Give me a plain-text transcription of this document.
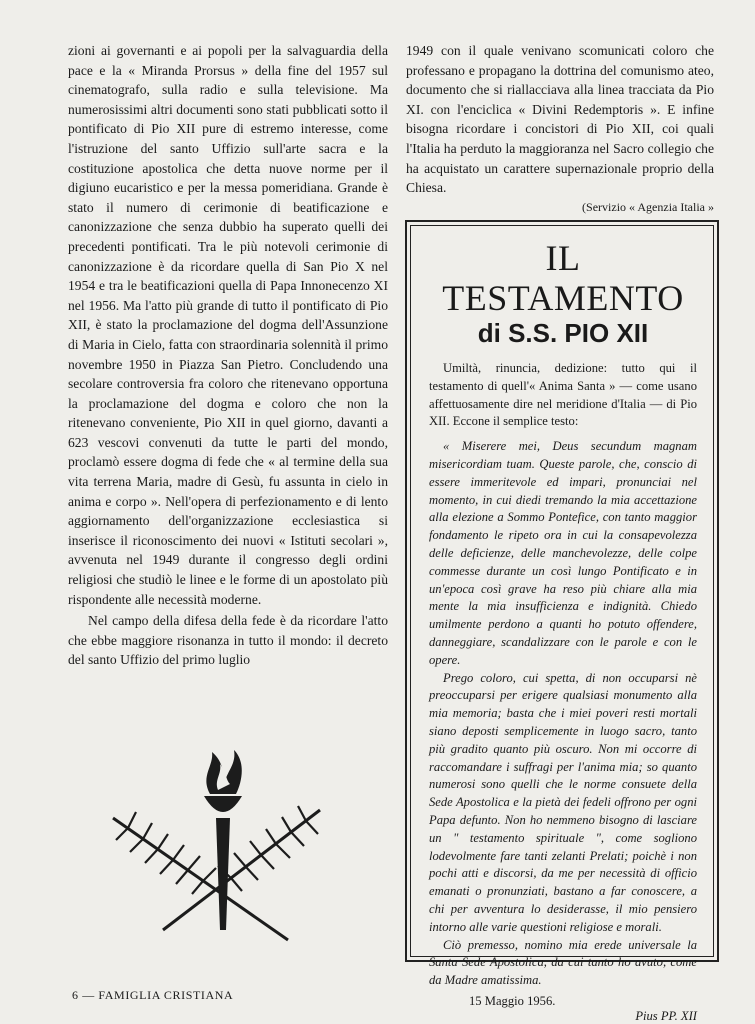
zioni ai governanti e ai popoli per la salvaguardia della pace e la « Miranda Prorsus » della fine del 1957 sul cinematografo, sulla radio e sulla televisione. Ma numerosissimi altri documenti sono stati pubblicati sotto il pontificato di Pio XII pure di estremo interesse, come l'istruzione del santo Uffizio sull'arte sacra e la costituzione apostolica che detta nuove norme per il digiuno eucaristico e per la messa pomeridiana. Grande è stato il numero di cerimonie di beatificazione e canonizzazione che senza dubbio ha superato quelli dei precedenti pontificati. Tra le più notevoli cerimonie di canonizzazione è da ricordare quella di San Pio X nel 1954 e tra le beatificazioni quella di Papa Innonecenzo XI nel 1956. Ma l'atto più grande di tutto il pontificato di Pio XII, è stato la proclamazione del dogma dell'Assunzione di Maria in Cielo, fatta con straordinaria solennità il primo novembre 1950 in Piazza San Pietro. Concludendo una secolare controversia fra coloro che ritenevano opportuna la proclamazione del dogma e coloro che non la ritenevano conveniente, Pio XII in quel giorno, davanti a 623 vescovi convenuti da tutte le parti del mondo, proclamò essere dogma di fede che « al termine della sua vita terrena Maria, madre di Gesù, fu assunta in cielo in anima e corpo ». Nell'opera di perfezionamento e di lento aggiornamento dell'organizzazione ecclesiastica si inserisce il riconoscimento dei nuovi « Istituti secolari », avvenuta nel 1949 durante il congresso degli ordini religiosi che studiò le linee e le forme di un apostolato più rispondente alle necessità moderne.

Nel campo della difesa della fede è da ricordare l'atto che ebbe maggiore risonanza in tutto il mondo: il decreto del santo Uffizio del primo luglio

1949 con il quale venivano scomunicati coloro che professano e propagano la dottrina del comunismo ateo, documento che si riallacciava alla linea tracciata da Pio XI. con l'enciclica « Divini Redemptoris ». E infine bisogna ricordare i concistori di Pio XII, coi quali l'Italia ha perduto la maggioranza nel Sacro collegio che ha acquistato un carattere supernazionale proprio della Chiesa.

(Servizio « Agenzia Italia »

IL TESTAMENTO
di S.S. PIO XII

Umiltà, rinuncia, dedizione: tutto qui il testamento di quell'« Anima Santa » — come usano affettuosamente dire nel meridione d'Italia — di Pio XII. Eccone il semplice testo:

« Miserere mei, Deus secundum magnam misericordiam tuam. Queste parole, che, conscio di essere immeritevole ed impari, pronunciai nel momento, in cui diedi tremando la mia accettazione alla elezione a Sommo Pontefice, con tanto maggior fondamento le ripeto ora in cui la consapevolezza delle deficienze, delle manchevolezze, delle colpe commesse durante un così lungo Pontificato e in un'epoca così grave ha reso più chiare alla mia mente la mia insufficienza e indignità. Chiedo umilmente perdono a quanti ho potuto offendere, danneggiare, scandalizzare con le parole e con le opere.

Prego coloro, cui spetta, di non occuparsi nè preoccuparsi per erigere qualsiasi monumento alla mia memoria; basta che i miei poveri resti mortali siano deposti semplicemente in luogo sacro, tanto più gradito quanto più oscuro. Non mi occorre di raccomandare i suffragi per l'anima mia; so quanto numerosi sono quelli che le norme consuete della Sede Apostolica e la pietà dei fedeli offrono per ogni Papa defunto. Non ho nemmeno bisogno di lasciare un " testamento spirituale ", come sogliono lodevolmente fare tanti zelanti Prelati; poichè i non pochi atti e discorsi, da me per necessità di officio emanati o pronunziati, bastano a far conoscere, a chi per avventura lo desiderasse, il mio pensiero intorno alle varie questioni religiose e morali.

Ciò premesso, nomino mia erede universale la Santa Sede Apostolica, da cui tanto ho avuto, come da Madre amatissima.

15 Maggio 1956.

Pius PP. XII

6 — FAMIGLIA CRISTIANA
